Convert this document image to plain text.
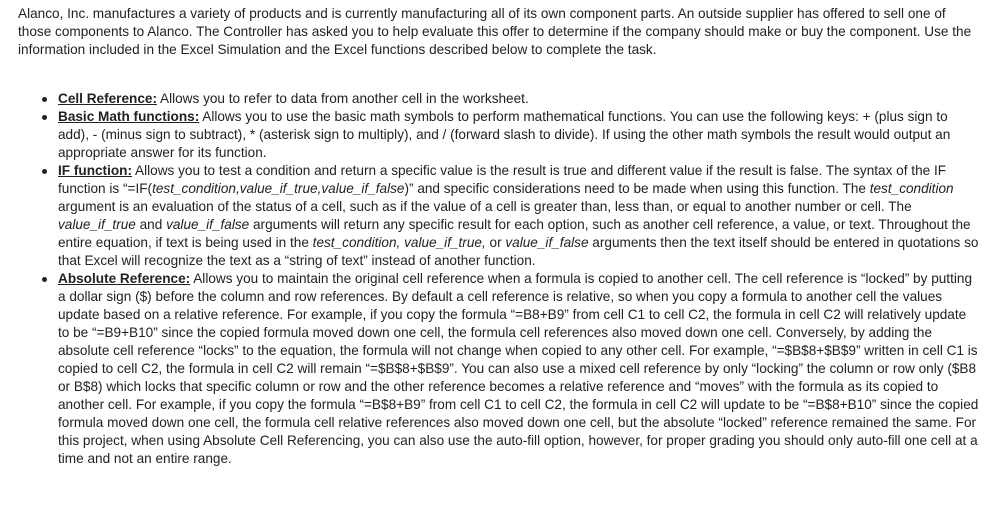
Alanco, Inc. manufactures a variety of products and is currently manufacturing all of its own component parts. An outside supplier has offered to sell one of those components to Alanco. The Controller has asked you to help evaluate this offer to determine if the company should make or buy the component. Use the information included in the Excel Simulation and the Excel functions described below to complete the task.

Cell Reference: Allows you to refer to data from another cell in the worksheet.
Basic Math functions: Allows you to use the basic math symbols to perform mathematical functions. You can use the following keys: + (plus sign to add), - (minus sign to subtract), * (asterisk sign to multiply), and / (forward slash to divide). If using the other math symbols the result would output an appropriate answer for its function.
IF function: Allows you to test a condition and return a specific value is the result is true and different value if the result is false. The syntax of the IF function is “=IF(test_condition,value_if_true,value_if_false)” and specific considerations need to be made when using this function. The test_condition argument is an evaluation of the status of a cell, such as if the value of a cell is greater than, less than, or equal to another number or cell. The value_if_true and value_if_false arguments will return any specific result for each option, such as another cell reference, a value, or text. Throughout the entire equation, if text is being used in the test_condition, value_if_true, or value_if_false arguments then the text itself should be entered in quotations so that Excel will recognize the text as a “string of text” instead of another function.
Absolute Reference: Allows you to maintain the original cell reference when a formula is copied to another cell. The cell reference is “locked” by putting a dollar sign ($) before the column and row references. By default a cell reference is relative, so when you copy a formula to another cell the values update based on a relative reference. For example, if you copy the formula “=B8+B9” from cell C1 to cell C2, the formula in cell C2 will relatively update to be “=B9+B10” since the copied formula moved down one cell, the formula cell references also moved down one cell. Conversely, by adding the absolute cell reference “locks” to the equation, the formula will not change when copied to any other cell. For example, “=$B$8+$B$9” written in cell C1 is copied to cell C2, the formula in cell C2 will remain “=$B$8+$B$9”. You can also use a mixed cell reference by only “locking” the column or row only ($B8 or B$8) which locks that specific column or row and the other reference becomes a relative reference and “moves” with the formula as its copied to another cell. For example, if you copy the formula “=B$8+B9” from cell C1 to cell C2, the formula in cell C2 will update to be “=B$8+B10” since the copied formula moved down one cell, the formula cell relative references also moved down one cell, but the absolute “locked” reference remained the same. For this project, when using Absolute Cell Referencing, you can also use the auto-fill option, however, for proper grading you should only auto-fill one cell at a time and not an entire range.
